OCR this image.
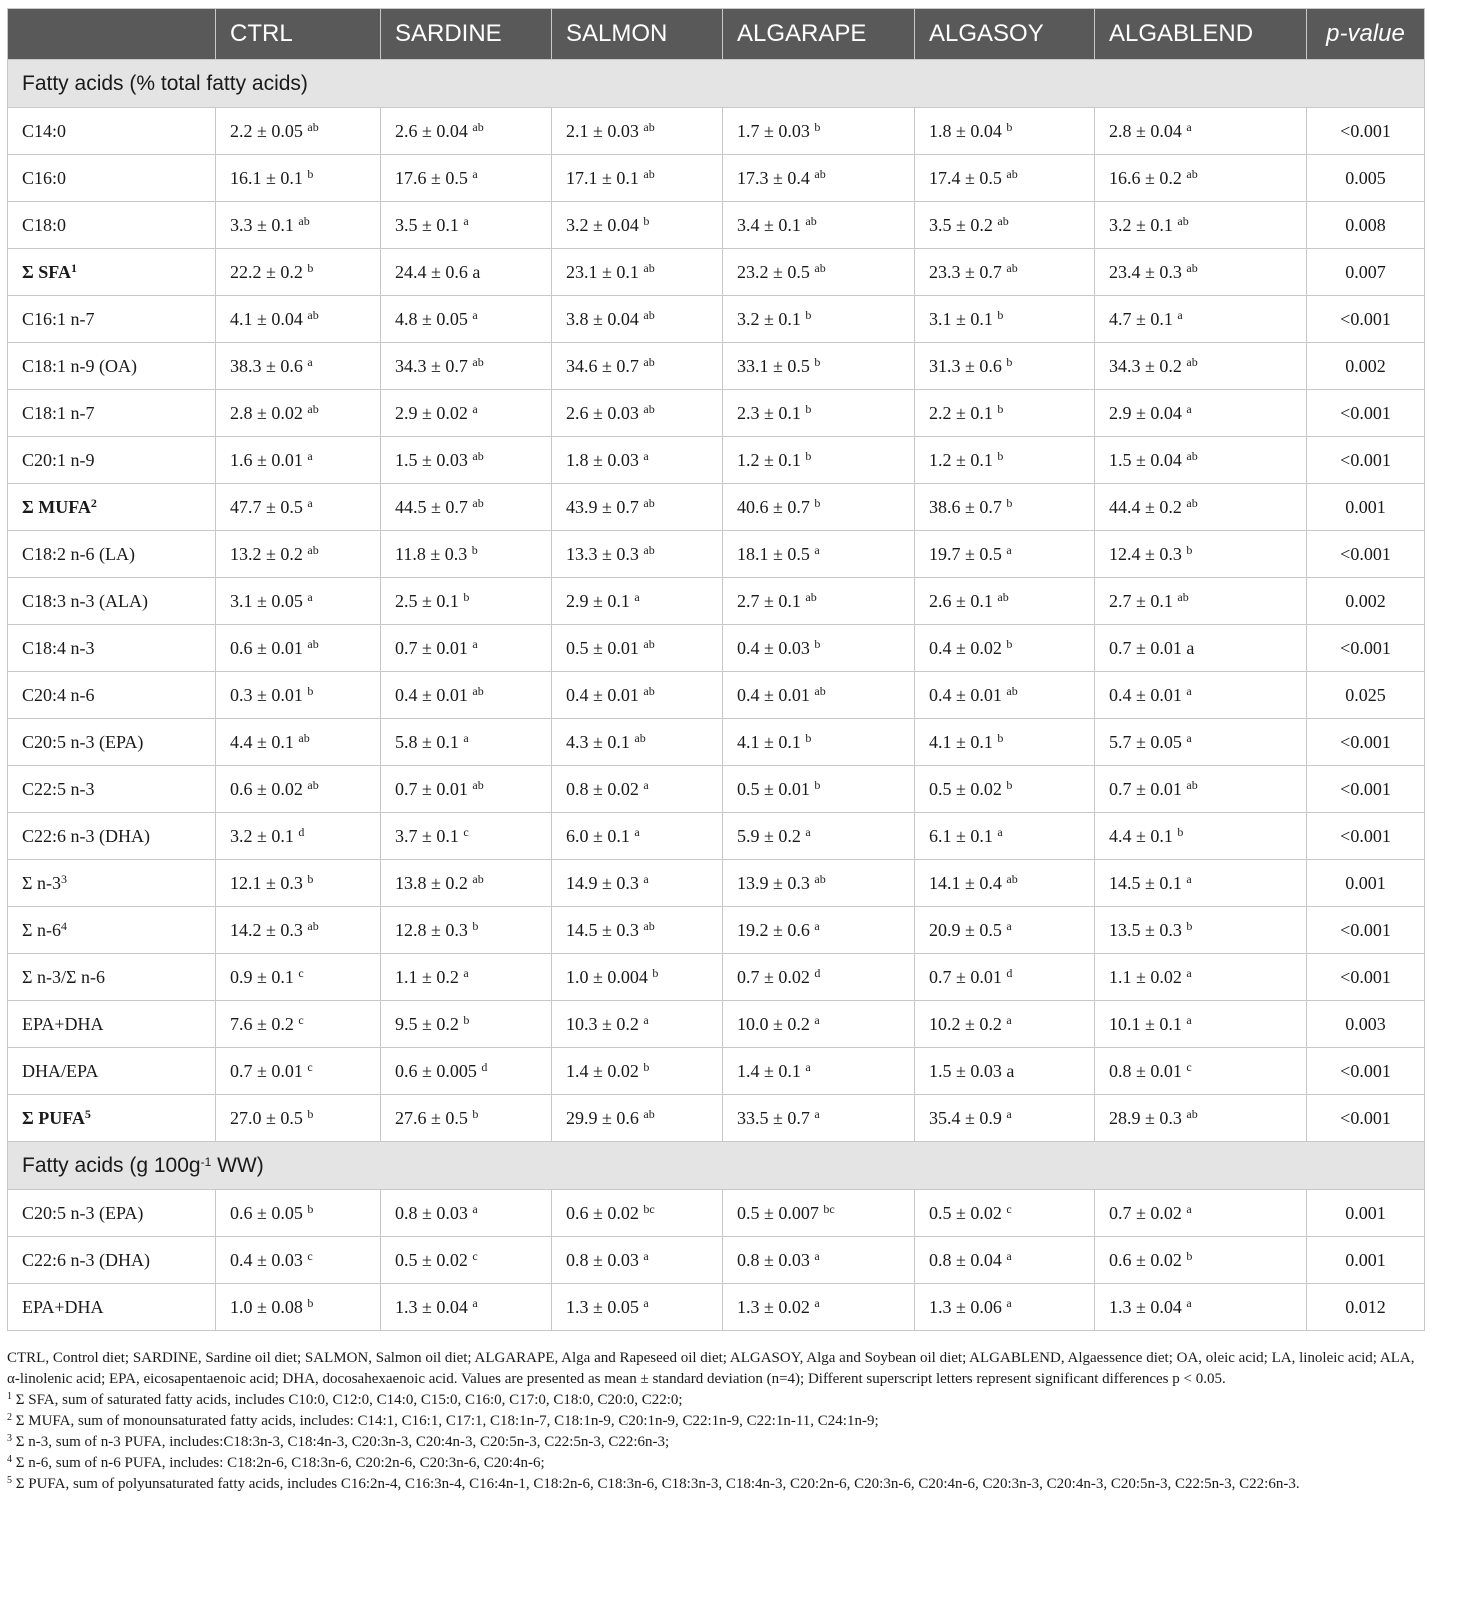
	CTRL	SARDINE	SALMON	ALGARAPE	ALGASOY	ALGABLEND	p-value
Fatty acids (% total fatty acids)							
C14:0	2.2 ± 0.05 $^{ab}$	2.6 ± 0.04 $^{ab}$	2.1 ± 0.03 $^{ab}$	1.7 ± 0.03 $^b$	1.8 ± 0.04 $^b$	2.8 ± 0.04 $^a$	<0.001
C16:0	16.1 ± 0.1 $^b$	17.6 ± 0.5 $^a$	17.1 ± 0.1 $^{ab}$	17.3 ± 0.4 $^{ab}$	17.4 ± 0.5 $^{ab}$	16.6 ± 0.2 $^{ab}$	0.005
C18:0	3.3 ± 0.1 $^{ab}$	3.5 ± 0.1 $^a$	3.2 ± 0.04 $^b$	3.4 ± 0.1 $^{ab}$	3.5 ± 0.2 $^{ab}$	3.2 ± 0.1 $^{ab}$	0.008
Σ SFA$^1$	22.2 ± 0.2 $^b$	24.4 ± 0.6 a	23.1 ± 0.1 $^{ab}$	23.2 ± 0.5 $^{ab}$	23.3 ± 0.7 $^{ab}$	23.4 ± 0.3 $^{ab}$	0.007
C16:1 n-7	4.1 ± 0.04 $^{ab}$	4.8 ± 0.05 $^a$	3.8 ± 0.04 $^{ab}$	3.2 ± 0.1 $^b$	3.1 ± 0.1 $^b$	4.7 ± 0.1 $^a$	<0.001
C18:1 n-9 (OA)	38.3 ± 0.6 $^a$	34.3 ± 0.7 $^{ab}$	34.6 ± 0.7 $^{ab}$	33.1 ± 0.5 $^b$	31.3 ± 0.6 $^b$	34.3 ± 0.2 $^{ab}$	0.002
C18:1 n-7	2.8 ± 0.02 $^{ab}$	2.9 ± 0.02 $^a$	2.6 ± 0.03 $^{ab}$	2.3 ± 0.1 $^b$	2.2 ± 0.1 $^b$	2.9 ± 0.04 $^a$	<0.001
C20:1 n-9	1.6 ± 0.01 $^a$	1.5 ± 0.03 $^{ab}$	1.8 ± 0.03 $^a$	1.2 ± 0.1 $^b$	1.2 ± 0.1 $^b$	1.5 ± 0.04 $^{ab}$	<0.001
Σ MUFA$^2$	47.7 ± 0.5 $^a$	44.5 ± 0.7 $^{ab}$	43.9 ± 0.7 $^{ab}$	40.6 ± 0.7 $^b$	38.6 ± 0.7 $^b$	44.4 ± 0.2 $^{ab}$	0.001
C18:2 n-6 (LA)	13.2 ± 0.2 $^{ab}$	11.8 ± 0.3 $^b$	13.3 ± 0.3 $^{ab}$	18.1 ± 0.5 $^a$	19.7 ± 0.5 $^a$	12.4 ± 0.3 $^b$	<0.001
C18:3 n-3 (ALA)	3.1 ± 0.05 $^a$	2.5 ± 0.1 $^b$	2.9 ± 0.1 $^a$	2.7 ± 0.1 $^{ab}$	2.6 ± 0.1 $^{ab}$	2.7 ± 0.1 $^{ab}$	0.002
C18:4 n-3	0.6 ± 0.01 $^{ab}$	0.7 ± 0.01 $^a$	0.5 ± 0.01 $^{ab}$	0.4 ± 0.03 $^b$	0.4 ± 0.02 $^b$	0.7 ± 0.01 a	<0.001
C20:4 n-6	0.3 ± 0.01 $^b$	0.4 ± 0.01 $^{ab}$	0.4 ± 0.01 $^{ab}$	0.4 ± 0.01 $^{ab}$	0.4 ± 0.01 $^{ab}$	0.4 ± 0.01 $^a$	0.025
C20:5 n-3 (EPA)	4.4 ± 0.1 $^{ab}$	5.8 ± 0.1 $^a$	4.3 ± 0.1 $^{ab}$	4.1 ± 0.1 $^b$	4.1 ± 0.1 $^b$	5.7 ± 0.05 $^a$	<0.001
C22:5 n-3	0.6 ± 0.02 $^{ab}$	0.7 ± 0.01 $^{ab}$	0.8 ± 0.02 $^a$	0.5 ± 0.01 $^b$	0.5 ± 0.02 $^b$	0.7 ± 0.01 $^{ab}$	<0.001
C22:6 n-3 (DHA)	3.2 ± 0.1 $^d$	3.7 ± 0.1 $^c$	6.0 ± 0.1 $^a$	5.9 ± 0.2 $^a$	6.1 ± 0.1 $^a$	4.4 ± 0.1 $^b$	<0.001
Σ $n-3^3$	12.1 ± 0.3 $^b$	13.8 ± 0.2 $^{ab}$	14.9 ± 0.3 $^a$	13.9 ± 0.3 $^{ab}$	14.1 ± 0.4 $^{ab}$	14.5 ± 0.1 $^a$	0.001
Σ $n-6^4$	14.2 ± 0.3 $^{ab}$	12.8 ± 0.3 $^b$	14.5 ± 0.3 $^{ab}$	19.2 ± 0.6 $^a$	20.9 ± 0.5 $^a$	13.5 ± 0.3 $^b$	<0.001
Σ n-3/Σ n-6	0.9 ± 0.1 $^c$	1.1 ± 0.2 $^a$	1.0 ± 0.004 $^b$	0.7 ± 0.02 $^d$	0.7 ± 0.01 $^d$	1.1 ± 0.02 $^a$	<0.001
EPA+DHA	7.6 ± 0.2 $^c$	9.5 ± 0.2 $^b$	10.3 ± 0.2 $^a$	10.0 ± 0.2 $^a$	10.2 ± 0.2 $^a$	10.1 ± 0.1 $^a$	0.003
DHA/EPA	0.7 ± 0.01 $^c$	0.6 ± 0.005 $^d$	1.4 ± 0.02 $^b$	1.4 ± 0.1 $^a$	1.5 ± 0.03 a	0.8 ± 0.01 $^c$	<0.001
Σ PUFA$^5$	27.0 ± 0.5 $^b$	27.6 ± 0.5 $^b$	29.9 ± 0.6 $^{ab}$	33.5 ± 0.7 $^a$	35.4 ± 0.9 $^a$	28.9 ± 0.3 $^{ab}$	<0.001
Fatty acids (g $100g^{-1}$ WW)							
C20:5 n-3 (EPA)	0.6 ± 0.05 $^b$	0.8 ± 0.03 $^a$	0.6 ± 0.02 $^{bc}$	0.5 ± 0.007 $^{bc}$	0.5 ± 0.02 $^c$	0.7 ± 0.02 $^a$	0.001
C22:6 n-3 (DHA)	0.4 ± 0.03 $^c$	0.5 ± 0.02 $^c$	0.8 ± 0.03 $^a$	0.8 ± 0.03 $^a$	0.8 ± 0.04 $^a$	0.6 ± 0.02 $^b$	0.001
EPA+DHA	1.0 ± 0.08 $^b$	1.3 ± 0.04 $^a$	1.3 ± 0.05 $^a$	1.3 ± 0.02 $^a$	1.3 ± 0.06 $^a$	1.3 ± 0.04 $^a$	0.012

CTRL, Control diet; SARDINE, Sardine oil diet; SALMON, Salmon oil diet; ALGARAPE, Alga and Rapeseed oil diet; ALGASOY, Alga and Soybean oil diet; ALGABLEND, Algaessence diet; OA, oleic acid; LA, linoleic acid; ALA, α-linolenic acid; EPA, eicosapentaenoic acid; DHA, docosahexaenoic acid. Values are presented as mean ± standard deviation (n=4); Different superscript letters represent significant differences p < 0.05.

$^1$ Σ SFA, sum of saturated fatty acids, includes C10:0, C12:0, C14:0, C15:0, C16:0, C17:0, C18:0, C20:0, C22:0;

$^2$ Σ MUFA, sum of monounsaturated fatty acids, includes: C14:1, C16:1, C17:1, C18:1n-7, C18:1n-9, C20:1n-9, C22:1n-9, C22:1n-11, C24:1n-9;

$^3$ Σ n-3, sum of n-3 PUFA, includes:C18:3n-3, C18:4n-3, C20:3n-3, C20:4n-3, C20:5n-3, C22:5n-3, C22:6n-3;

$^4$ Σ n-6, sum of n-6 PUFA, includes: C18:2n-6, C18:3n-6, C20:2n-6, C20:3n-6, C20:4n-6;

$^5$ Σ PUFA, sum of polyunsaturated fatty acids, includes C16:2n-4, C16:3n-4, C16:4n-1, C18:2n-6, C18:3n-6, C18:3n-3, C18:4n-3, C20:2n-6, C20:3n-6, C20:4n-6, C20:3n-3, C20:4n-3, C20:5n-3, C22:5n-3, C22:6n-3.
